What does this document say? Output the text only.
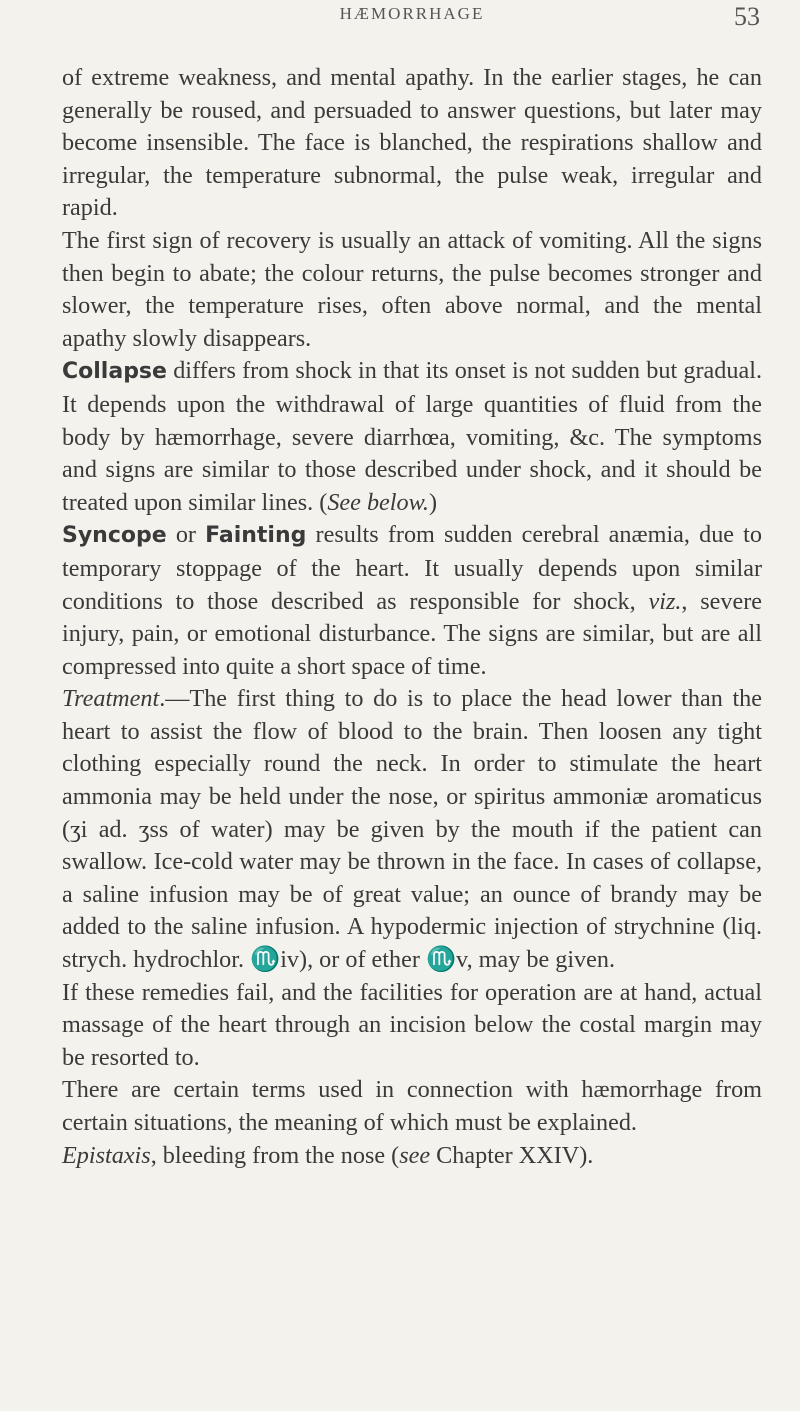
HÆMORRHAGE	53

of extreme weakness, and mental apathy. In the earlier stages, he can generally be roused, and persuaded to answer questions, but later may become insensible. The face is blanched, the respirations shallow and irregular, the temperature subnormal, the pulse weak, irregular and rapid.

The first sign of recovery is usually an attack of vomiting. All the signs then begin to abate; the colour returns, the pulse becomes stronger and slower, the temperature rises, often above normal, and the mental apathy slowly disappears.

Collapse differs from shock in that its onset is not sudden but gradual. It depends upon the withdrawal of large quantities of fluid from the body by hæmorrhage, severe diarrhœa, vomiting, &c. The symptoms and signs are similar to those described under shock, and it should be treated upon similar lines. (See below.)

Syncope or Fainting results from sudden cerebral anæmia, due to temporary stoppage of the heart. It usually depends upon similar conditions to those described as responsible for shock, viz., severe injury, pain, or emotional disturbance. The signs are similar, but are all compressed into quite a short space of time.

Treatment.—The first thing to do is to place the head lower than the heart to assist the flow of blood to the brain. Then loosen any tight clothing especially round the neck. In order to stimulate the heart ammonia may be held under the nose, or spiritus ammoniæ aromaticus (ʒi ad. ʒss of water) may be given by the mouth if the patient can swallow. Ice-cold water may be thrown in the face. In cases of collapse, a saline infusion may be of great value; an ounce of brandy may be added to the saline infusion. A hypodermic injection of strychnine (liq. strych. hydrochlor. ♏iv), or of ether ♏v, may be given.

If these remedies fail, and the facilities for operation are at hand, actual massage of the heart through an incision below the costal margin may be resorted to.

There are certain terms used in connection with hæmorrhage from certain situations, the meaning of which must be explained.

Epistaxis, bleeding from the nose (see Chapter XXIV).
